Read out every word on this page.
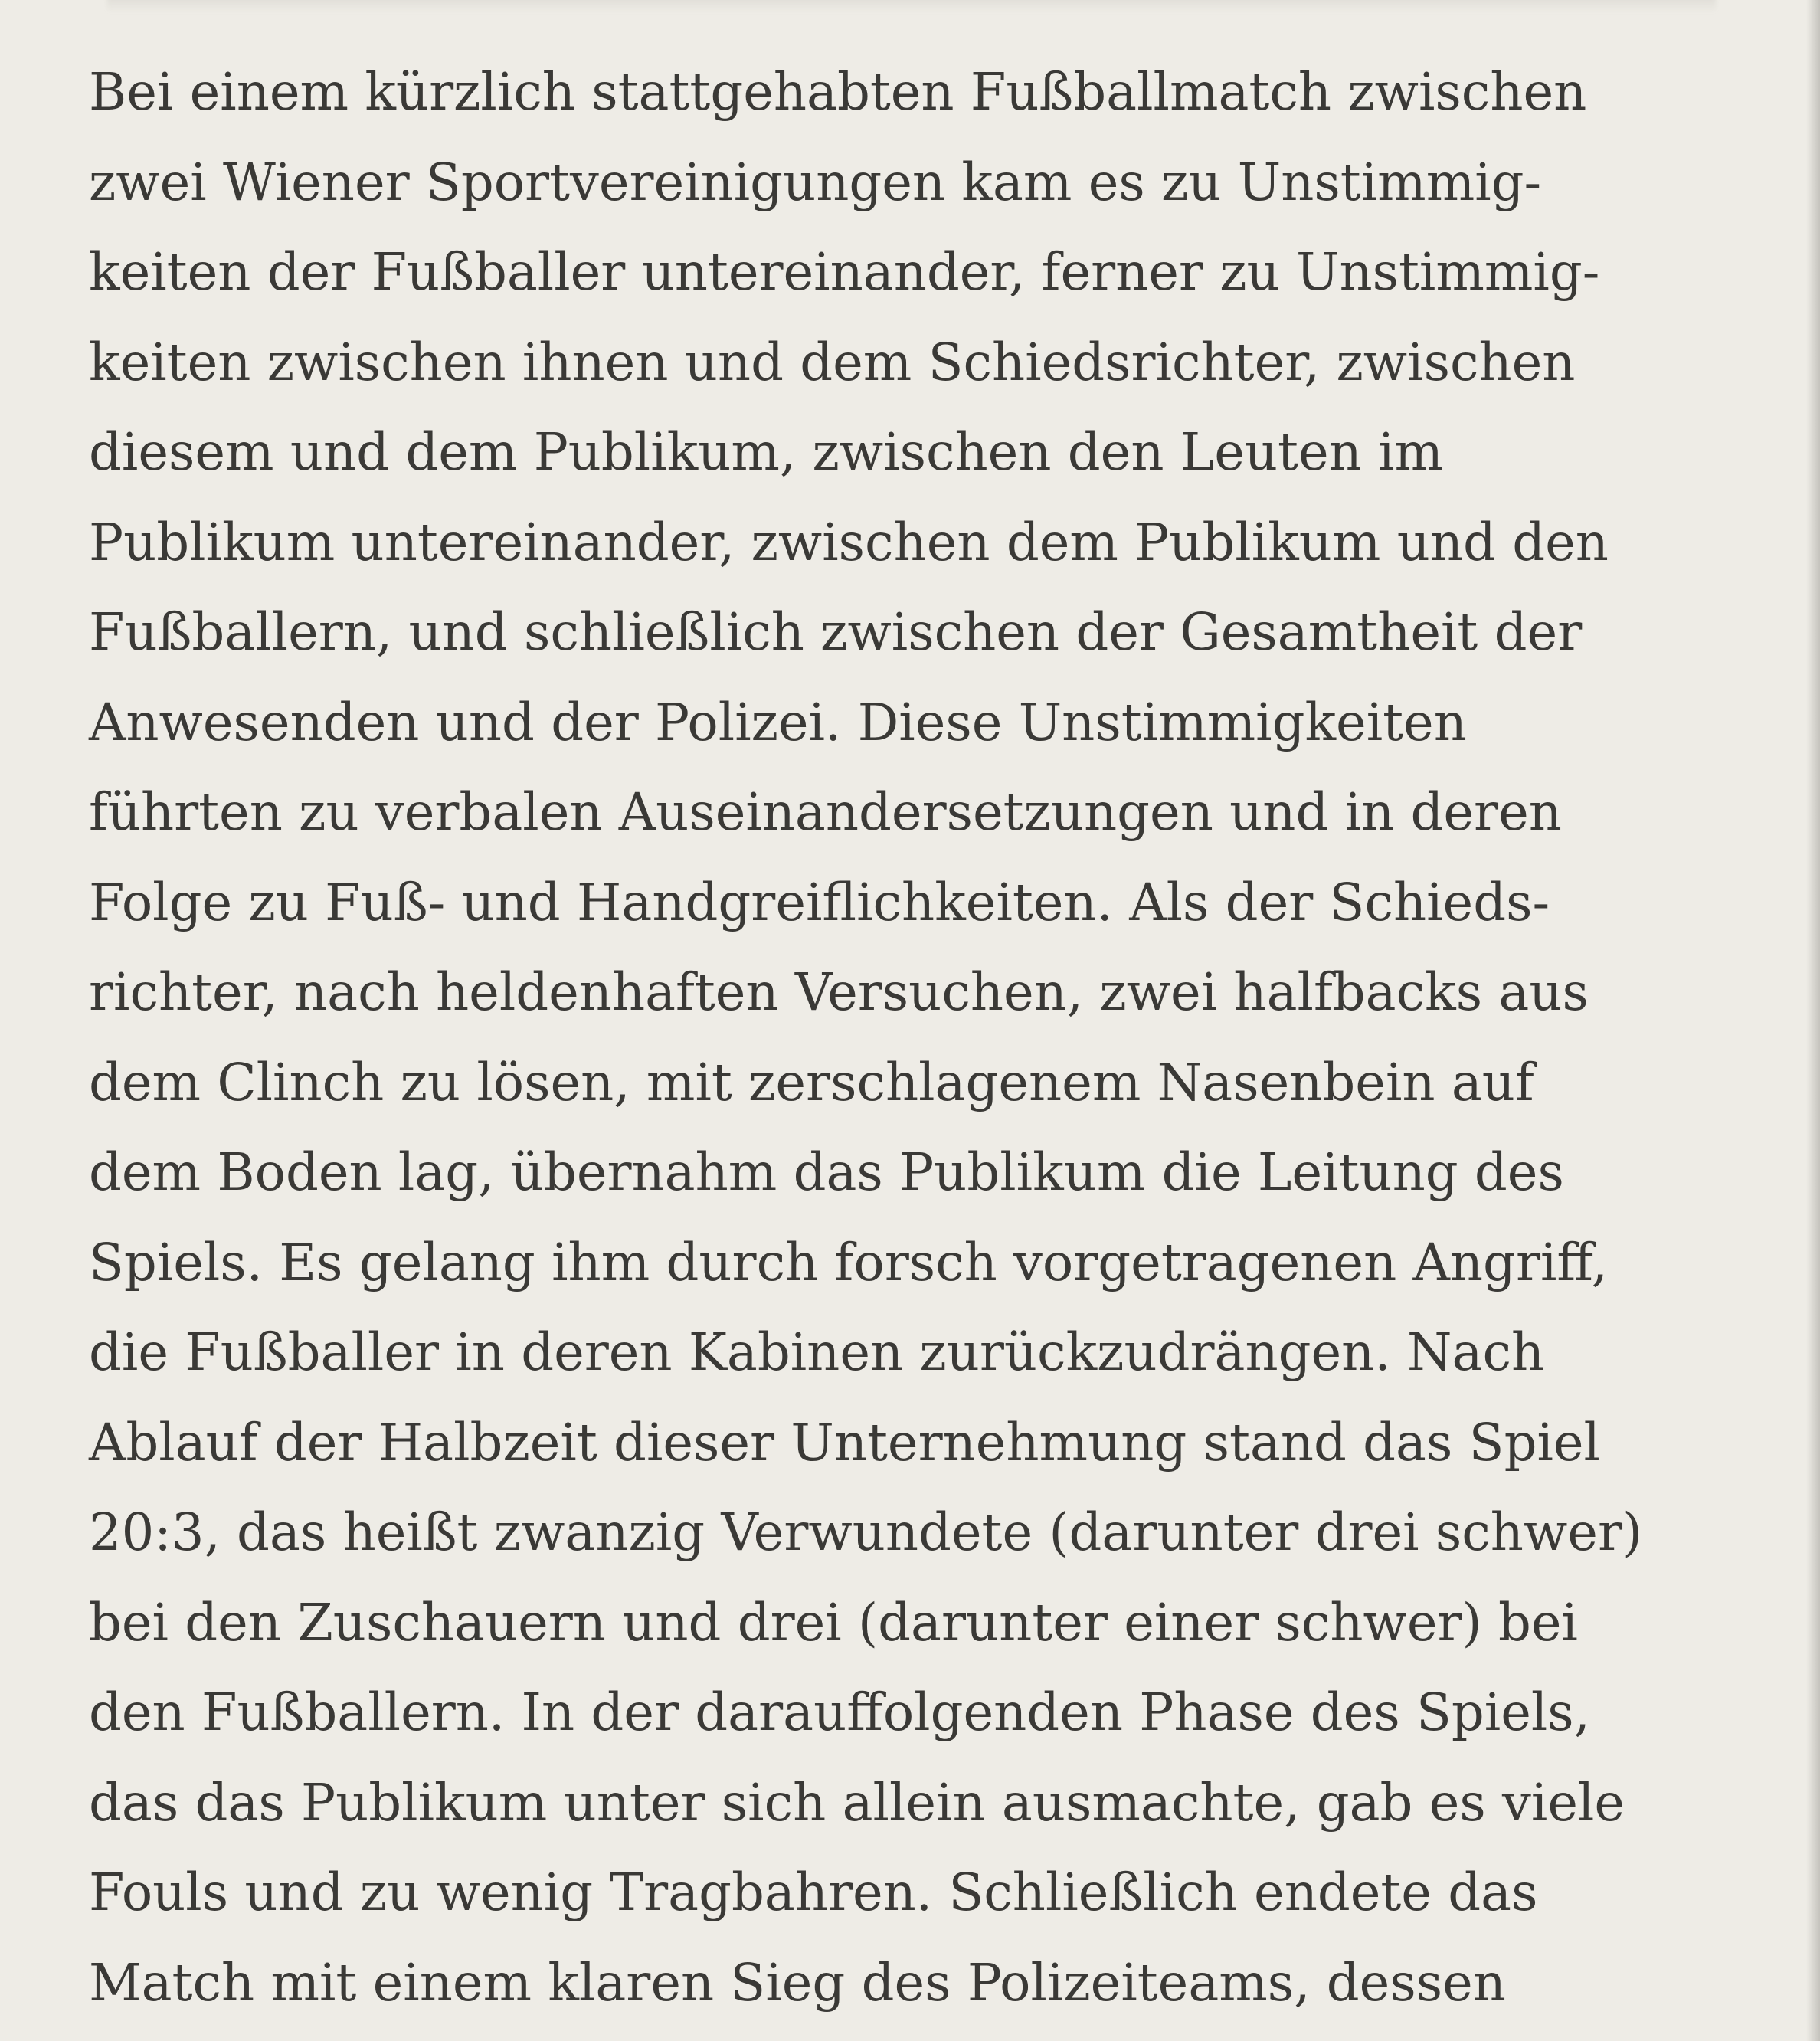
Bei einem kürzlich stattgehabten Fußballmatch zwischen
zwei Wiener Sportvereinigungen kam es zu Unstimmig-
keiten der Fußballer untereinander, ferner zu Unstimmig-
keiten zwischen ihnen und dem Schiedsrichter, zwischen
diesem und dem Publikum, zwischen den Leuten im
Publikum untereinander, zwischen dem Publikum und den
Fußballern, und schließlich zwischen der Gesamtheit der
Anwesenden und der Polizei. Diese Unstimmigkeiten
führten zu verbalen Auseinandersetzungen und in deren
Folge zu Fuß- und Handgreiflichkeiten. Als der Schieds-
richter, nach heldenhaften Versuchen, zwei halfbacks aus
dem Clinch zu lösen, mit zerschlagenem Nasenbein auf
dem Boden lag, übernahm das Publikum die Leitung des
Spiels. Es gelang ihm durch forsch vorgetragenen Angriff,
die Fußballer in deren Kabinen zurückzudrängen. Nach
Ablauf der Halbzeit dieser Unternehmung stand das Spiel
20:3, das heißt zwanzig Verwundete (darunter drei schwer)
bei den Zuschauern und drei (darunter einer schwer) bei
den Fußballern. In der darauffolgenden Phase des Spiels,
das das Publikum unter sich allein ausmachte, gab es viele
Fouls und zu wenig Tragbahren. Schließlich endete das
Match mit einem klaren Sieg des Polizeiteams, dessen
